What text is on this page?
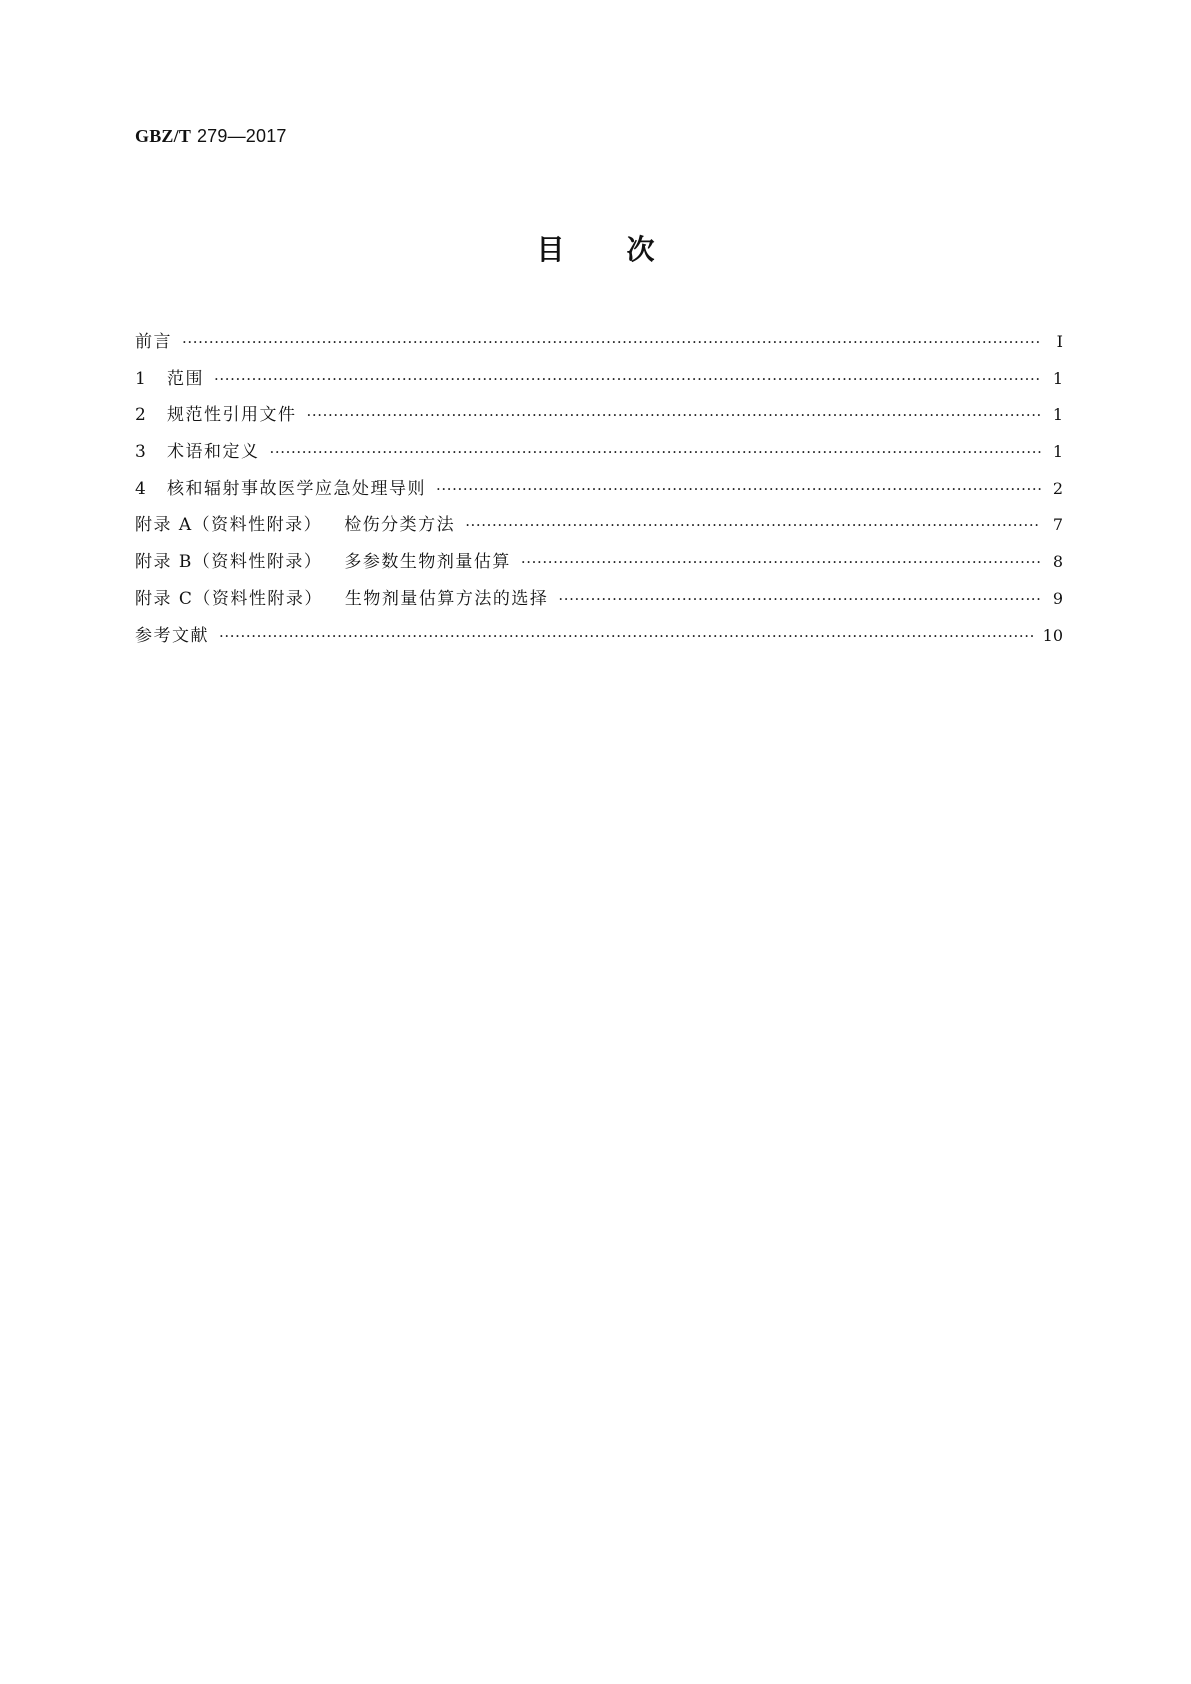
GBZ/T 279—2017
目次
前言 ·····	Ⅰ
1 范围 ·····	1
2 规范性引用文件 ·····	1
3 术语和定义 ·····	1
4 核和辐射事故医学应急处理导则 ·····	2
附录 A（资料性附录） 检伤分类方法 ·····	7
附录 B（资料性附录） 多参数生物剂量估算 ·····	8
附录 C（资料性附录） 生物剂量估算方法的选择 ·····	9
参考文献 ·····	10
